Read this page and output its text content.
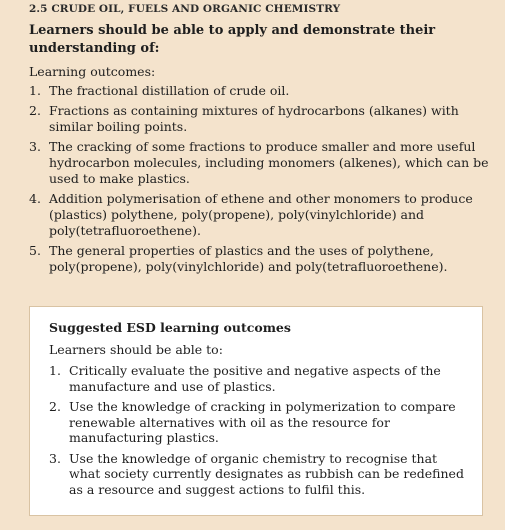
2.5 CRUDE OIL, FUELS AND ORGANIC CHEMISTRY
Learners should be able to apply and demonstrate their understanding of:
Learning outcomes:
1. The fractional distillation of crude oil.
2. Fractions as containing mixtures of hydrocarbons (alkanes) with similar boiling points.
3. The cracking of some fractions to produce smaller and more useful hydrocarbon molecules, including monomers (alkenes), which can be used to make plastics.
4. Addition polymerisation of ethene and other monomers to produce (plastics) polythene, poly(propene), poly(vinylchloride) and poly(tetrafluoroethene).
5. The general properties of plastics and the uses of polythene, poly(propene), poly(vinylchloride) and poly(tetrafluoroethene).
Suggested ESD learning outcomes
Learners should be able to:
1. Critically evaluate the positive and negative aspects of the manufacture and use of plastics.
2. Use the knowledge of cracking in polymerization to compare renewable alternatives with oil as the resource for manufacturing plastics.
3. Use the knowledge of organic chemistry to recognise that what society currently designates as rubbish can be redefined as a resource and suggest actions to fulfil this.
